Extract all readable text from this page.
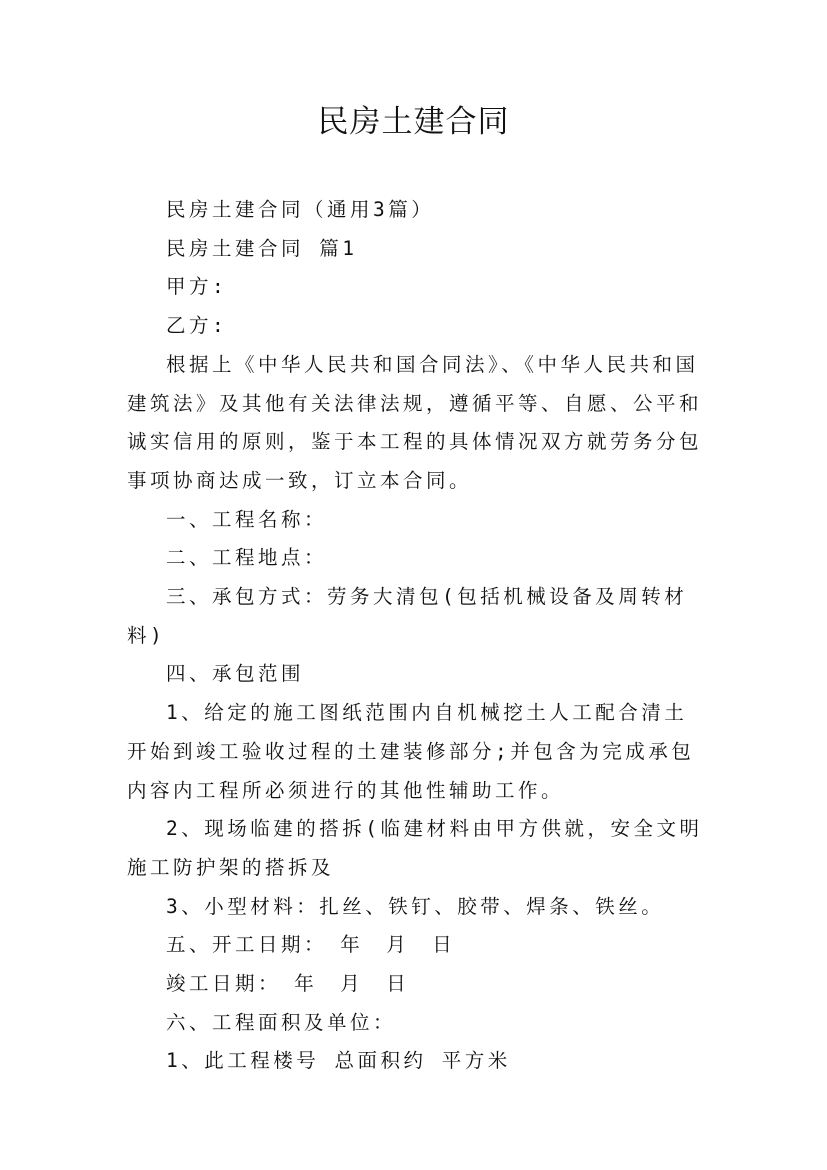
民房土建合同

民房土建合同（通用3篇）

民房土建合同 篇1

甲方:

乙方:

根据上《中华人民共和国合同法》、《中华人民共和国建筑法》及其他有关法律法规，遵循平等、自愿、公平和诚实信用的原则，鉴于本工程的具体情况双方就劳务分包事项协商达成一致，订立本合同。

一、工程名称：

二、工程地点：

三、承包方式：劳务大清包(包括机械设备及周转材料)

四、承包范围

1、给定的施工图纸范围内自机械挖土人工配合清土开始到竣工验收过程的土建装修部分;并包含为完成承包内容内工程所必须进行的其他性辅助工作。

2、现场临建的搭拆(临建材料由甲方供就，安全文明施工防护架的搭拆及

3、小型材料：扎丝、铁钉、胶带、焊条、铁丝。

五、开工日期：　年　月　日

竣工日期：　年　月　日

六、工程面积及单位：

1、此工程楼号 总面积约 平方米
